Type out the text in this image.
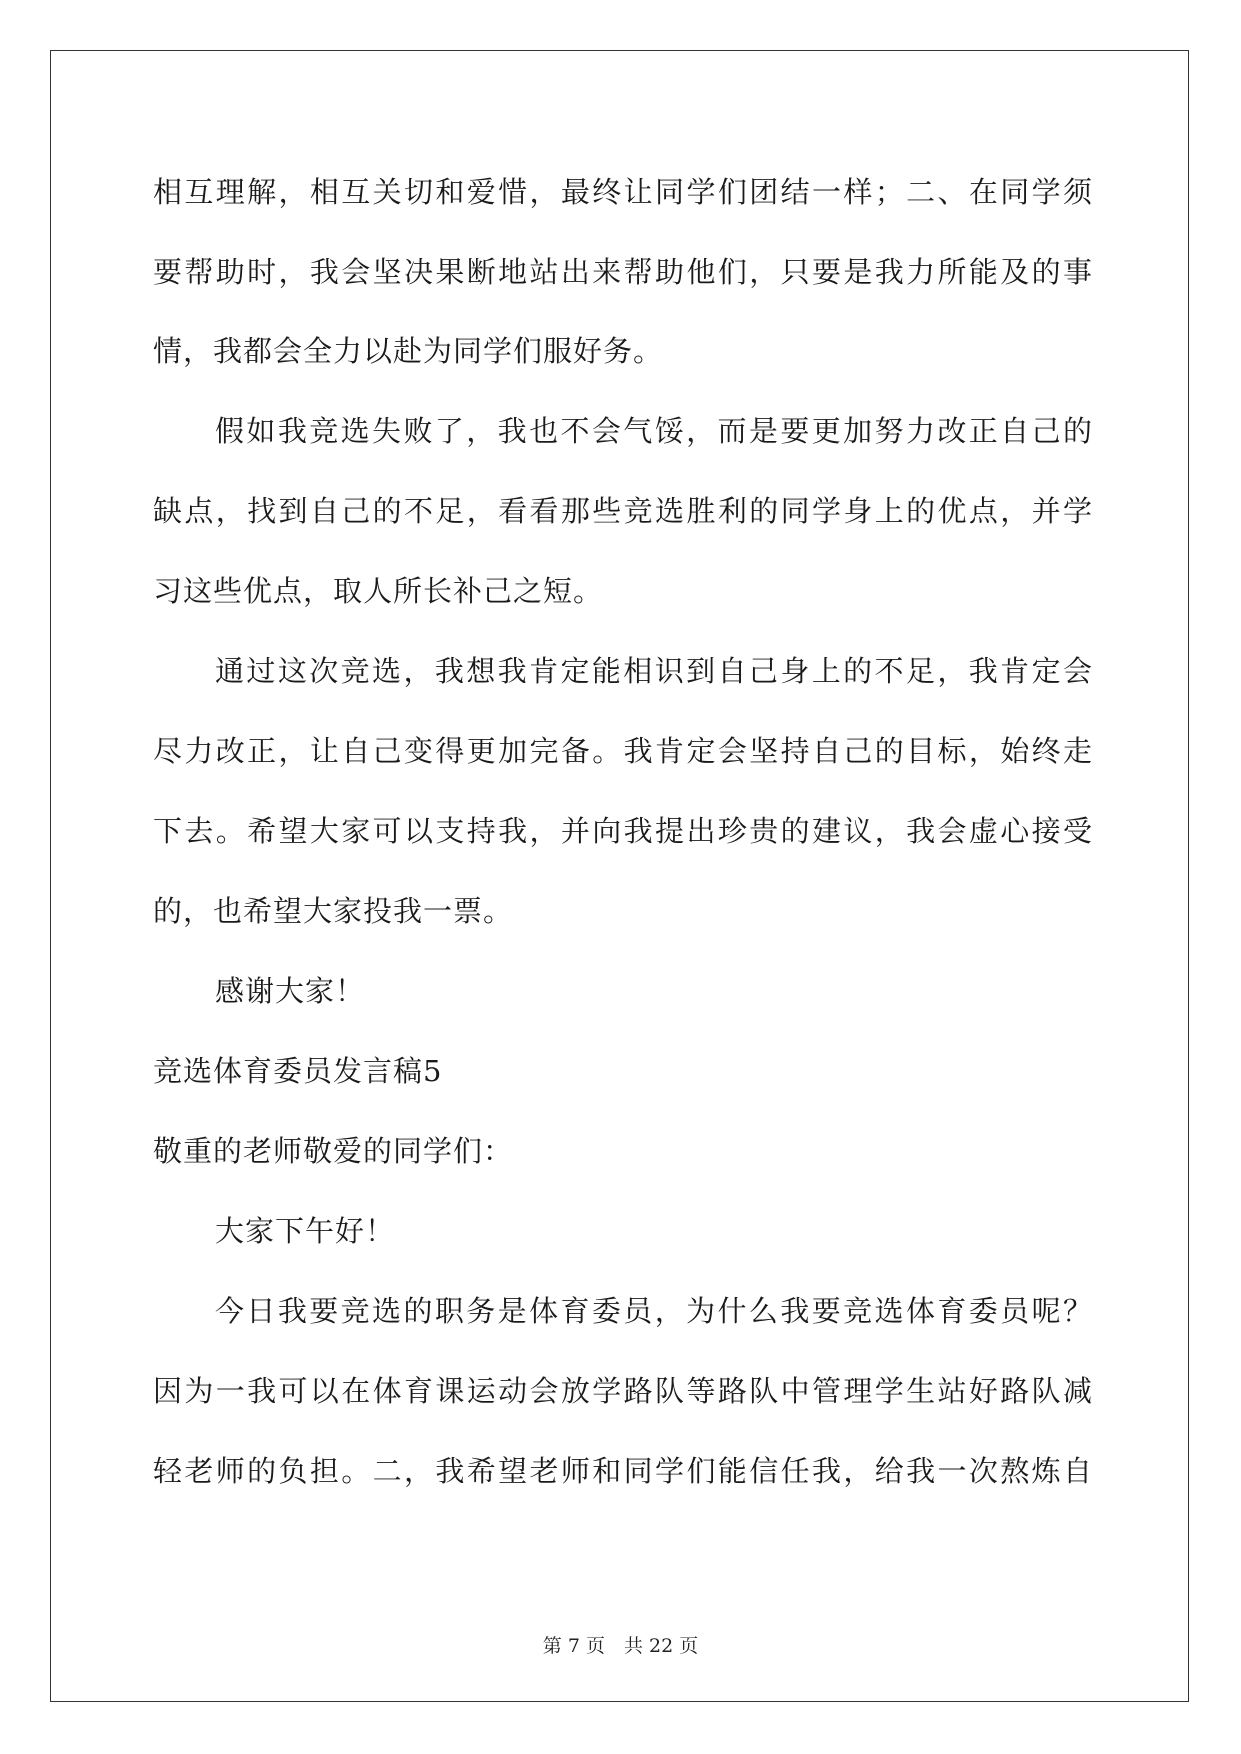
相互理解，相互关切和爱惜，最终让同学们团结一样；二、在同学须
要帮助时，我会坚决果断地站出来帮助他们，只要是我力所能及的事
情，我都会全力以赴为同学们服好务。
假如我竞选失败了，我也不会气馁，而是要更加努力改正自己的
缺点，找到自己的不足，看看那些竞选胜利的同学身上的优点，并学
习这些优点，取人所长补己之短。
通过这次竞选，我想我肯定能相识到自己身上的不足，我肯定会
尽力改正，让自己变得更加完备。我肯定会坚持自己的目标，始终走
下去。希望大家可以支持我，并向我提出珍贵的建议，我会虚心接受
的，也希望大家投我一票。
感谢大家！
竞选体育委员发言稿5
敬重的老师敬爱的同学们：
大家下午好！
今日我要竞选的职务是体育委员，为什么我要竞选体育委员呢？
因为一我可以在体育课运动会放学路队等路队中管理学生站好路队减
轻老师的负担。二，我希望老师和同学们能信任我，给我一次熬炼自
第 7 页　共 22 页
